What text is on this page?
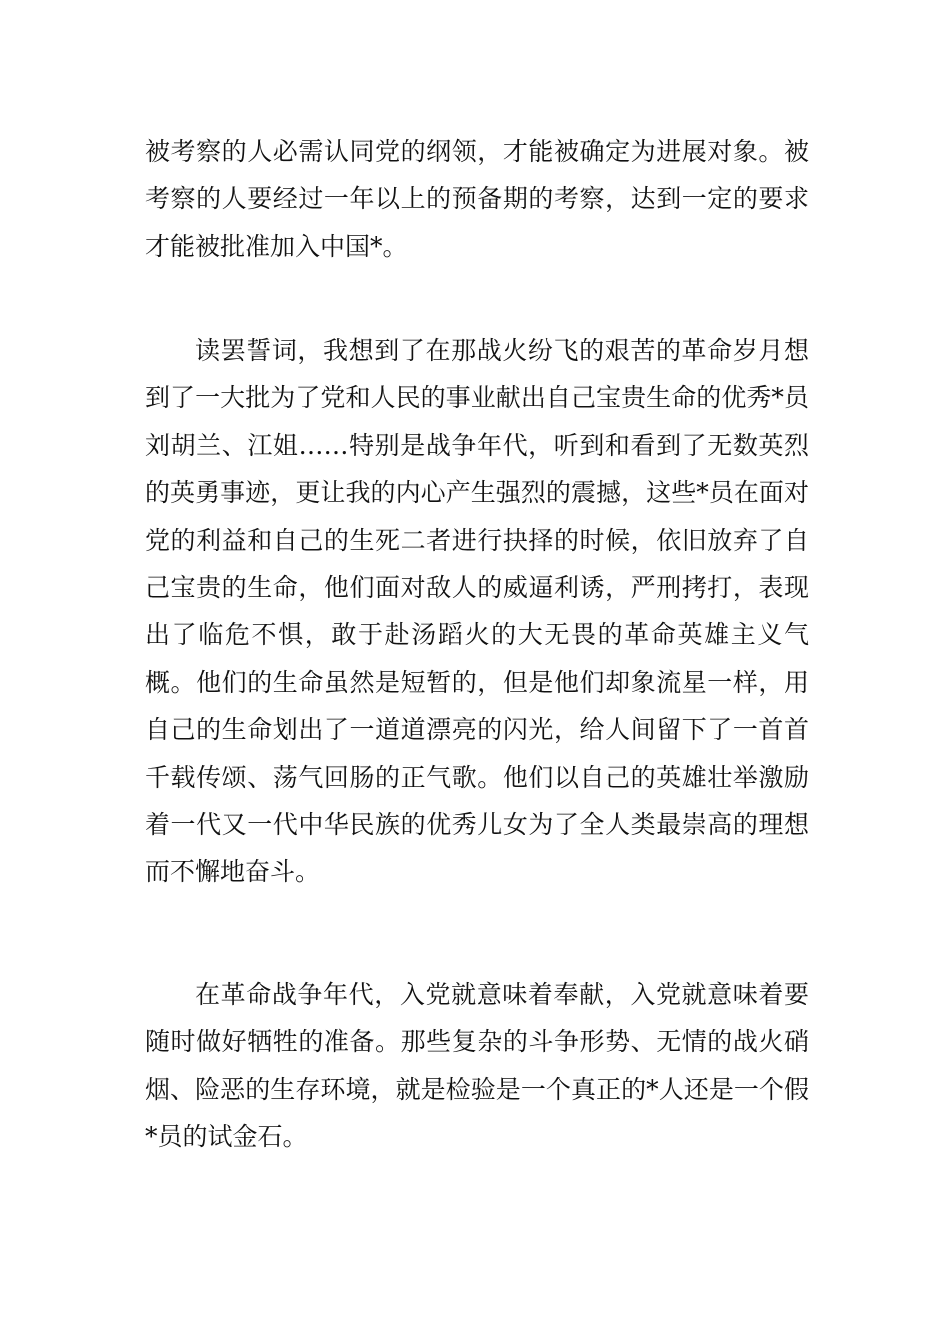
被考察的人必需认同党的纲领，才能被确定为进展对象。被考察的人要经过一年以上的预备期的考察，达到一定的要求才能被批准加入中国*。

读罢誓词，我想到了在那战火纷飞的艰苦的革命岁月想到了一大批为了党和人民的事业献出自己宝贵生命的优秀*员刘胡兰、江姐……特别是战争年代，听到和看到了无数英烈的英勇事迹，更让我的内心产生强烈的震撼，这些*员在面对党的利益和自己的生死二者进行抉择的时候，依旧放弃了自己宝贵的生命，他们面对敌人的威逼利诱，严刑拷打，表现出了临危不惧，敢于赴汤蹈火的大无畏的革命英雄主义气概。他们的生命虽然是短暂的，但是他们却象流星一样，用自己的生命划出了一道道漂亮的闪光，给人间留下了一首首千载传颂、荡气回肠的正气歌。他们以自己的英雄壮举激励着一代又一代中华民族的优秀儿女为了全人类最崇高的理想而不懈地奋斗。

在革命战争年代，入党就意味着奉献，入党就意味着要随时做好牺牲的准备。那些复杂的斗争形势、无情的战火硝烟、险恶的生存环境，就是检验是一个真正的*人还是一个假*员的试金石。
